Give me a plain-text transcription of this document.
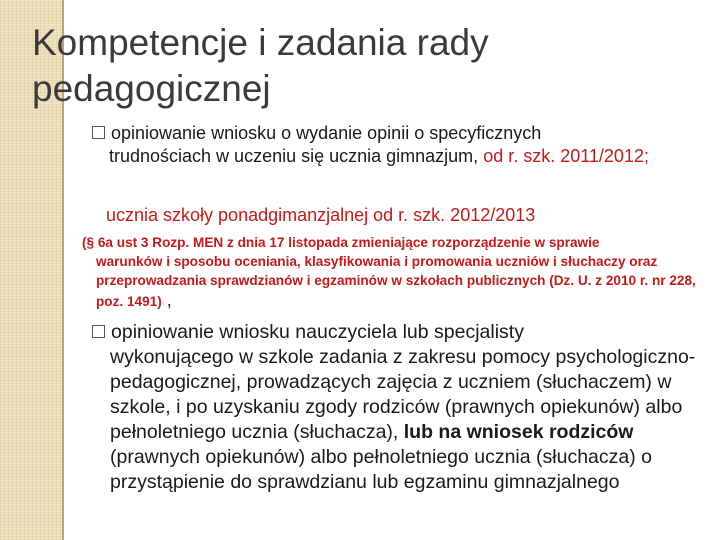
Kompetencje i zadania rady pedagogicznej
opiniowanie wniosku o wydanie opinii o specyficznych
trudnościach w uczeniu się ucznia gimnazjum, od r. szk. 2011/2012;
ucznia szkoły ponadgimanzjalnej od r. szk. 2012/2013
(§ 6a ust 3 Rozp. MEN z dnia 17 listopada zmieniające rozporządzenie w sprawie
warunków i sposobu oceniania, klasyfikowania i promowania uczniów i słuchaczy oraz przeprowadzania sprawdzianów i egzaminów w szkołach publicznych (Dz. U. z 2010 r. nr 228, poz. 1491) ,
opiniowanie wniosku nauczyciela lub specjalisty
wykonującego w szkole zadania z zakresu pomocy psychologiczno-pedagogicznej, prowadzących zajęcia z uczniem (słuchaczem) w szkole, i po uzyskaniu zgody rodziców (prawnych opiekunów) albo pełnoletniego ucznia (słuchacza), lub na wniosek rodziców (prawnych opiekunów) albo pełnoletniego ucznia (słuchacza) o przystąpienie do sprawdzianu lub egzaminu gimnazjalnego
